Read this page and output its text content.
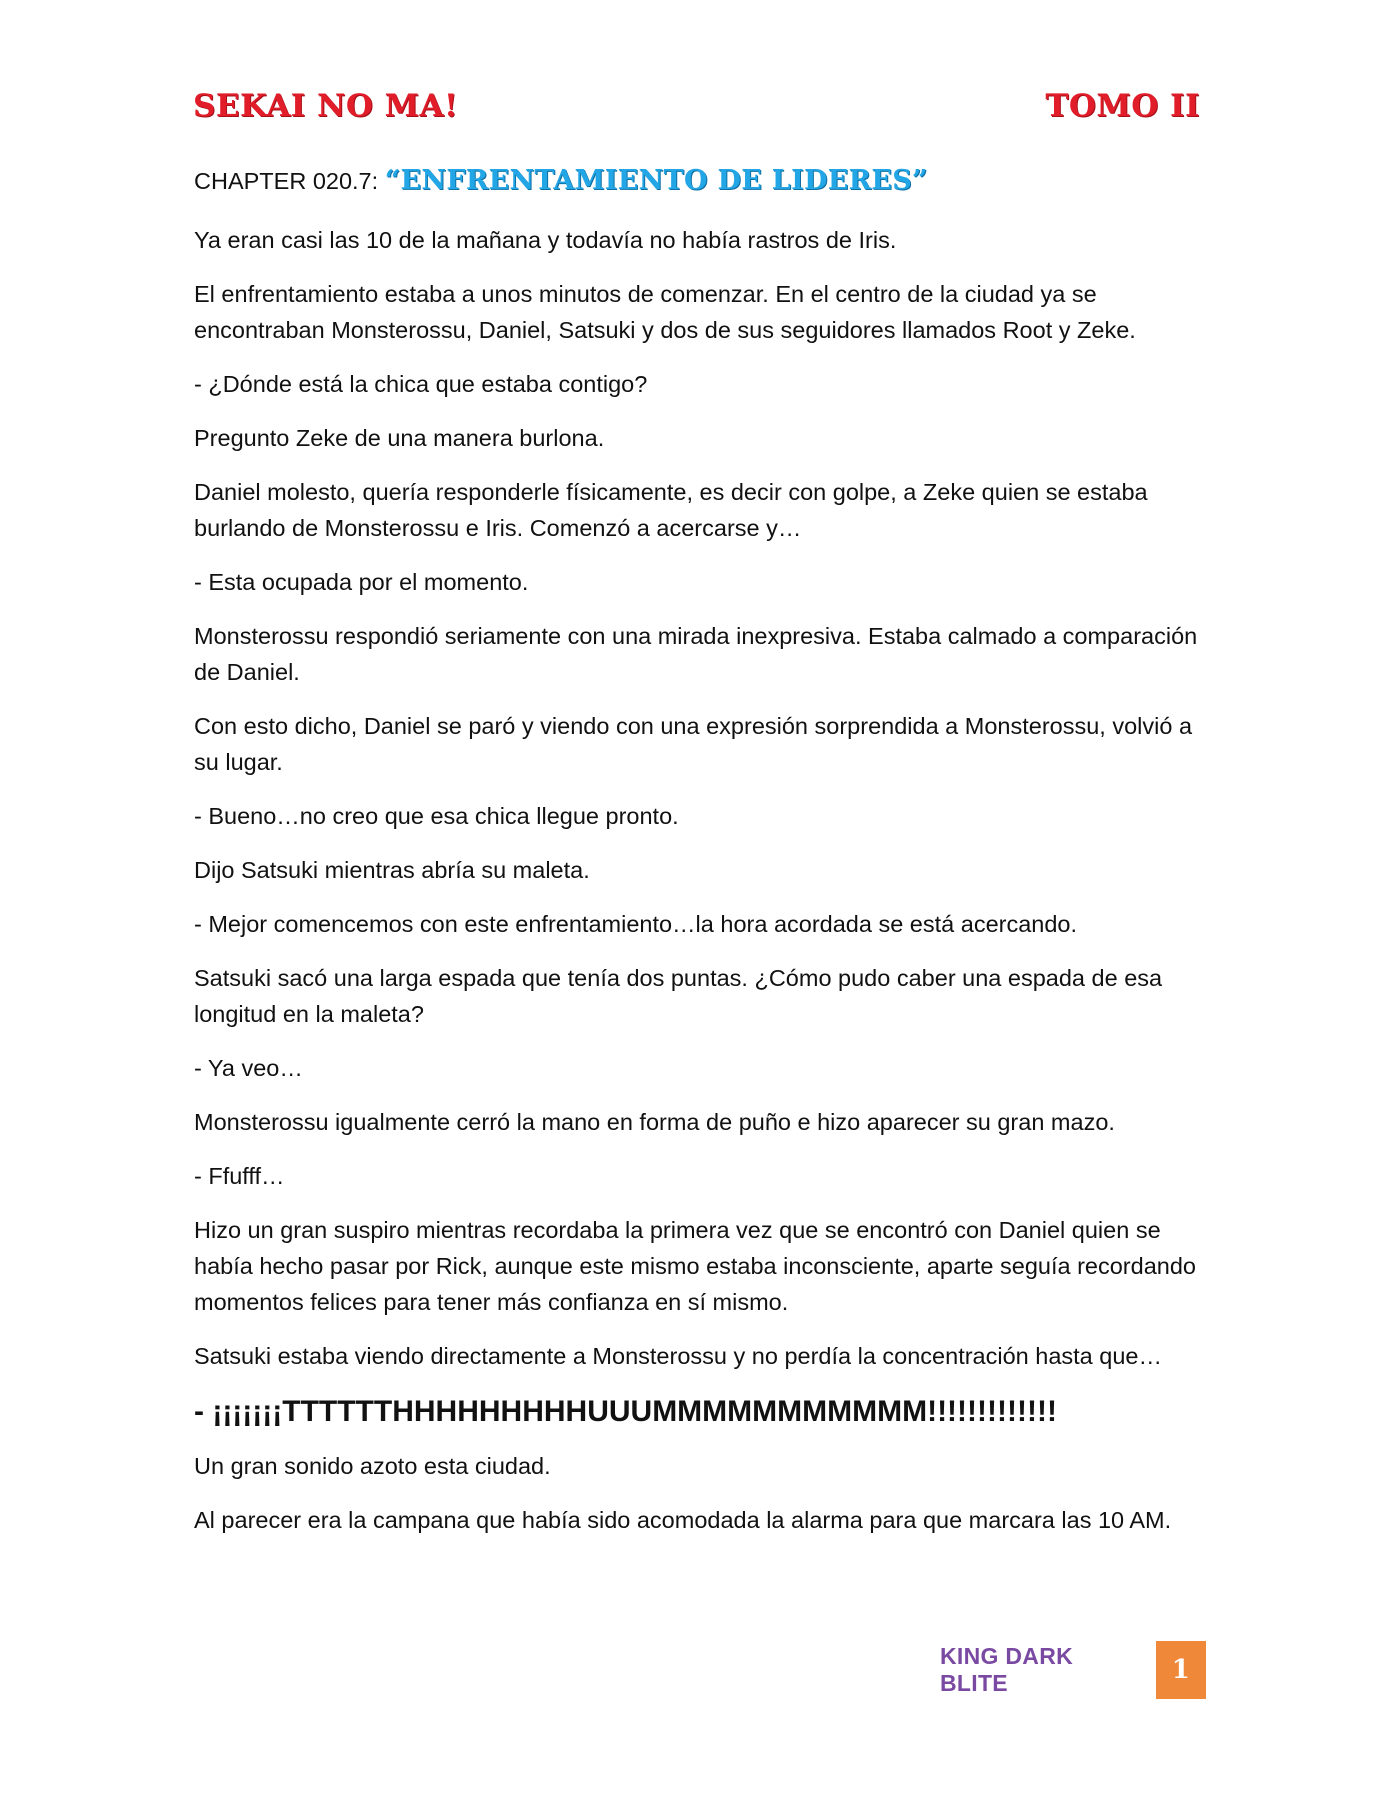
SEKAI NO MA!	TOMO II
CHAPTER 020.7: “ENFRENTAMIENTO DE LIDERES”

Ya eran casi las 10 de la mañana y todavía no había rastros de Iris.

El enfrentamiento estaba a unos minutos de comenzar. En el centro de la ciudad ya se encontraban Monsterossu, Daniel, Satsuki y dos de sus seguidores llamados Root y Zeke.

- ¿Dónde está la chica que estaba contigo?

Pregunto Zeke de una manera burlona.

Daniel molesto, quería responderle físicamente, es decir con golpe, a Zeke quien se estaba burlando de Monsterossu e Iris. Comenzó a acercarse y…

- Esta ocupada por el momento.

Monsterossu respondió seriamente con una mirada inexpresiva. Estaba calmado a comparación de Daniel.

Con esto dicho, Daniel se paró y viendo con una expresión sorprendida a Monsterossu, volvió a su lugar.

- Bueno…no creo que esa chica llegue pronto.

Dijo Satsuki mientras abría su maleta.

- Mejor comencemos con este enfrentamiento…la hora acordada se está acercando.

Satsuki sacó una larga espada que tenía dos puntas. ¿Cómo pudo caber una espada de esa longitud en la maleta?

- Ya veo…

Monsterossu igualmente cerró la mano en forma de puño e hizo aparecer su gran mazo.

- Ffufff…

Hizo un gran suspiro mientras recordaba la primera vez que se encontró con Daniel quien se había hecho pasar por Rick, aunque este mismo estaba inconsciente, aparte seguía recordando momentos felices para tener más confianza en sí mismo.

Satsuki estaba viendo directamente a Monsterossu y no perdía la concentración hasta que…

- ¡¡¡¡¡¡¡TTTTTTHHHHHHHHHUUUMMMMMMMMMMM!!!!!!!!!!!!!

Un gran sonido azoto esta ciudad.

Al parecer era la campana que había sido acomodada la alarma para que marcara las 10 AM.

KING DARK BLITE	1
